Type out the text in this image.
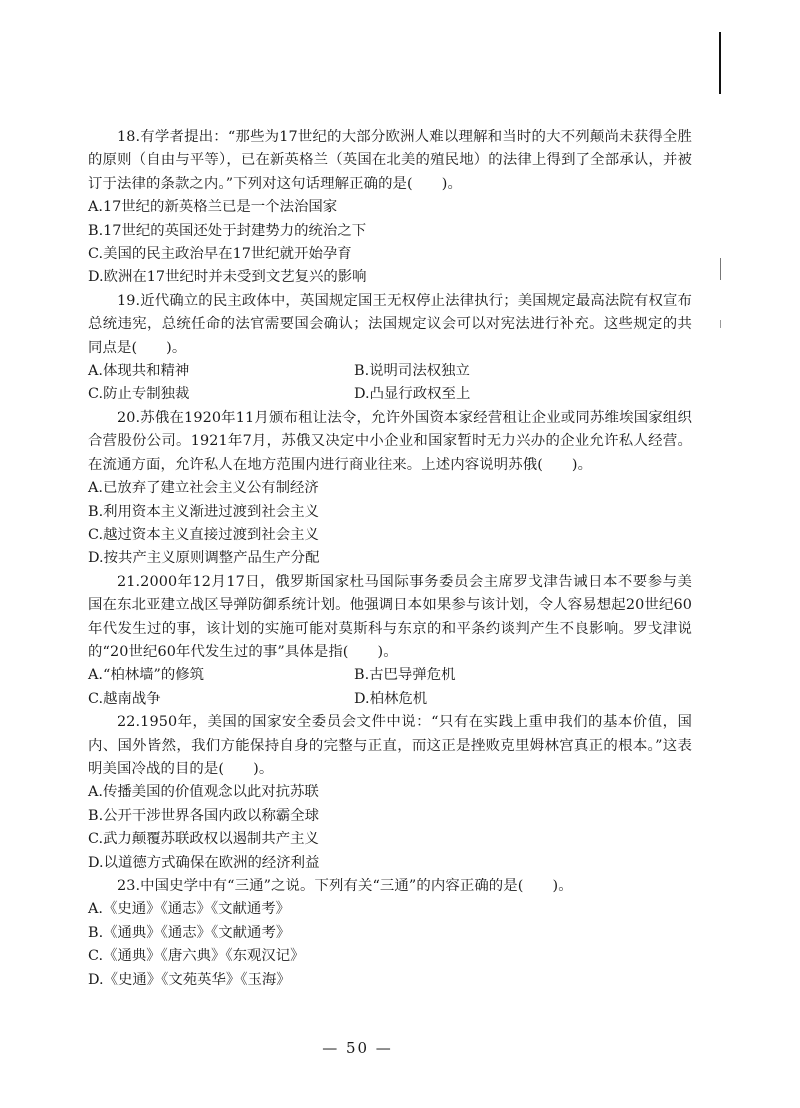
18.有学者提出：“那些为17世纪的大部分欧洲人难以理解和当时的大不列颠尚未获得全胜的原则（自由与平等），已在新英格兰（英国在北美的殖民地）的法律上得到了全部承认，并被订于法律的条款之内。”下列对这句话理解正确的是(　　)。

A.17世纪的新英格兰已是一个法治国家

B.17世纪的英国还处于封建势力的统治之下

C.美国的民主政治早在17世纪就开始孕育

D.欧洲在17世纪时并未受到文艺复兴的影响

19.近代确立的民主政体中，英国规定国王无权停止法律执行；美国规定最高法院有权宣布总统违宪，总统任命的法官需要国会确认；法国规定议会可以对宪法进行补充。这些规定的共同点是(　　)。

A.体现共和精神	B.说明司法权独立

C.防止专制独裁	D.凸显行政权至上

20.苏俄在1920年11月颁布租让法令，允许外国资本家经营租让企业或同苏维埃国家组织合营股份公司。1921年7月，苏俄又决定中小企业和国家暂时无力兴办的企业允许私人经营。在流通方面，允许私人在地方范围内进行商业往来。上述内容说明苏俄(　　)。

A.已放弃了建立社会主义公有制经济

B.利用资本主义渐进过渡到社会主义

C.越过资本主义直接过渡到社会主义

D.按共产主义原则调整产品生产分配

21.2000年12月17日，俄罗斯国家杜马国际事务委员会主席罗戈津告诫日本不要参与美国在东北亚建立战区导弹防御系统计划。他强调日本如果参与该计划，令人容易想起20世纪60年代发生过的事，该计划的实施可能对莫斯科与东京的和平条约谈判产生不良影响。罗戈津说的“20世纪60年代发生过的事”具体是指(　　)。

A.“柏林墙”的修筑	B.古巴导弹危机

C.越南战争	D.柏林危机

22.1950年，美国的国家安全委员会文件中说：“只有在实践上重申我们的基本价值，国内、国外皆然，我们方能保持自身的完整与正直，而这正是挫败克里姆林宫真正的根本。”这表明美国冷战的目的是(　　)。

A.传播美国的价值观念以此对抗苏联

B.公开干涉世界各国内政以称霸全球

C.武力颠覆苏联政权以遏制共产主义

D.以道德方式确保在欧洲的经济利益

23.中国史学中有“三通”之说。下列有关“三通”的内容正确的是(　　)。

A.《史通》《通志》《文献通考》

B.《通典》《通志》《文献通考》

C.《通典》《唐六典》《东观汉记》

D.《史通》《文苑英华》《玉海》

— 50 —
